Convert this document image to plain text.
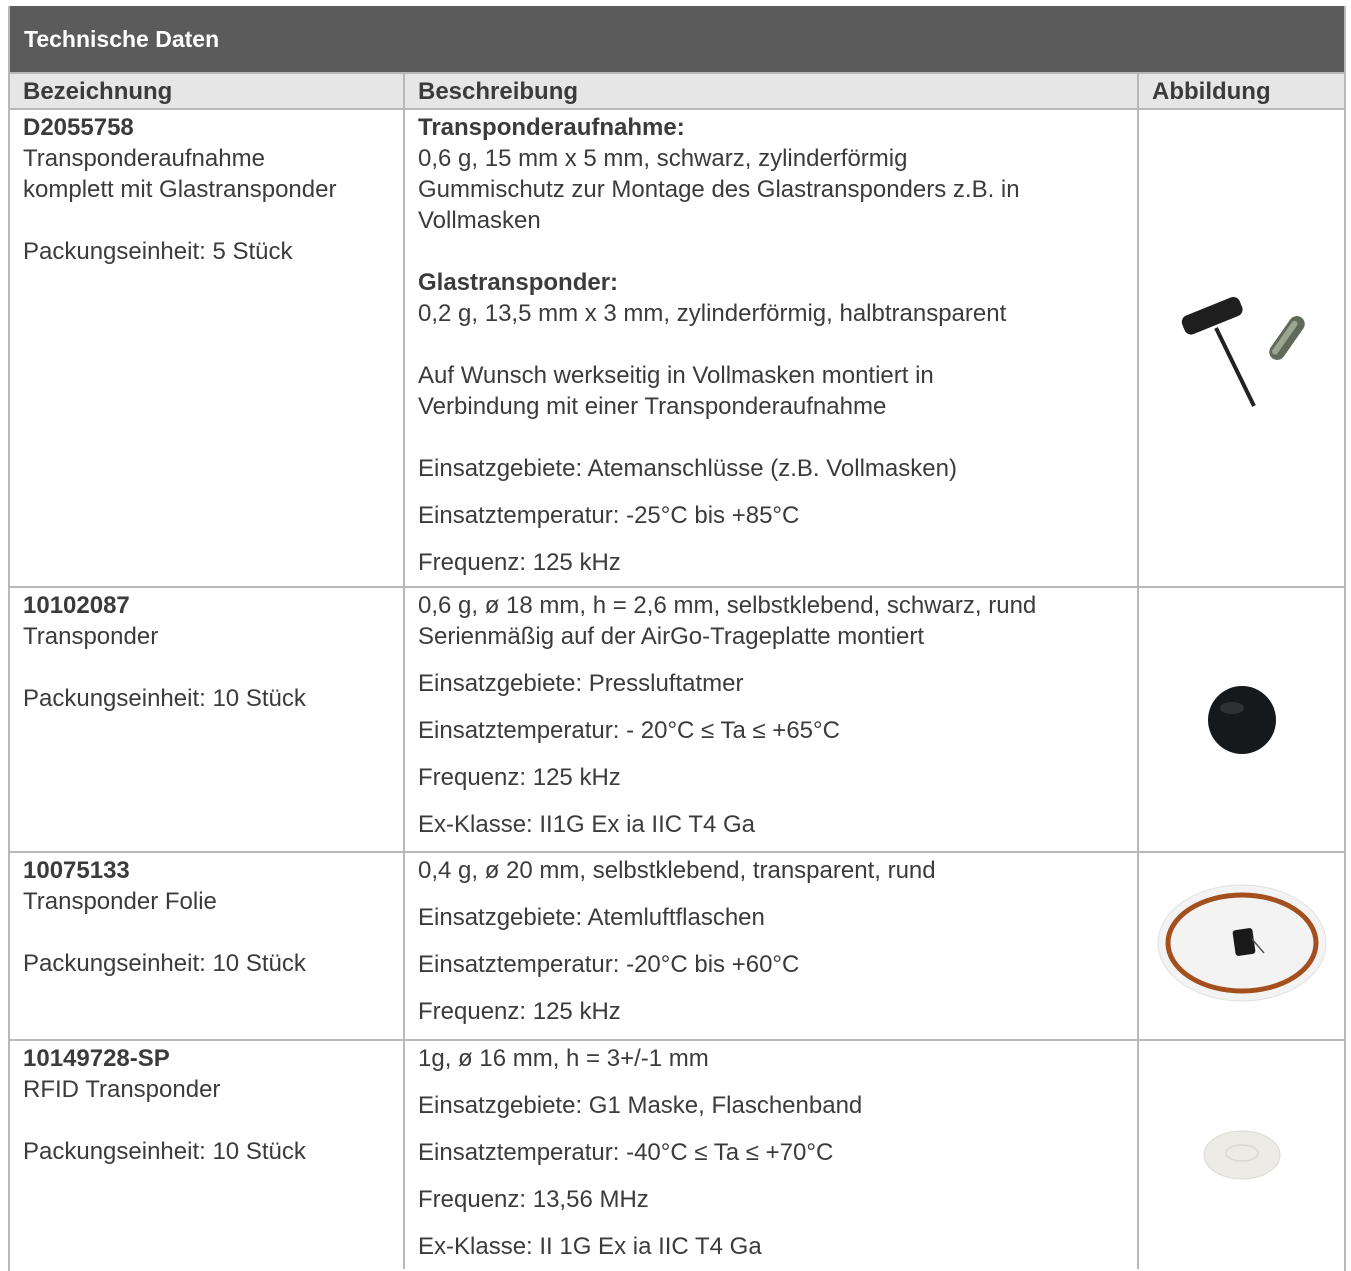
Technische Daten
Bezeichnung	Beschreibung	Abbildung
D2055758
Transponderaufnahme
komplett mit Glastransponder
Packungseinheit: 5 Stück
Transponderaufnahme:
0,6 g, 15 mm x 5 mm, schwarz, zylinderförmig
Gummischutz zur Montage des Glastransponders z.B. in
Vollmasken
Glastransponder:
0,2 g, 13,5 mm x 3 mm, zylinderförmig, halbtransparent
Auf Wunsch werkseitig in Vollmasken montiert in
Verbindung mit einer Transponderaufnahme
Einsatzgebiete: Atemanschlüsse (z.B. Vollmasken)
Einsatztemperatur: -25°C bis +85°C
Frequenz: 125 kHz
10102087
Transponder
Packungseinheit: 10 Stück
0,6 g, ø 18 mm, h = 2,6 mm, selbstklebend, schwarz, rund
Serienmäßig auf der AirGo-Trageplatte montiert
Einsatzgebiete: Pressluftatmer
Einsatztemperatur: - 20°C ≤ Ta ≤ +65°C
Frequenz: 125 kHz
Ex-Klasse: II1G Ex ia IIC T4 Ga
10075133
Transponder Folie
Packungseinheit: 10 Stück
0,4 g, ø 20 mm, selbstklebend, transparent, rund
Einsatzgebiete: Atemluftflaschen
Einsatztemperatur: -20°C bis +60°C
Frequenz: 125 kHz
10149728-SP
RFID Transponder
Packungseinheit: 10 Stück
1g, ø 16 mm, h = 3+/-1 mm
Einsatzgebiete: G1 Maske, Flaschenband
Einsatztemperatur: -40°C ≤ Ta ≤ +70°C
Frequenz: 13,56 MHz
Ex-Klasse: II 1G Ex ia IIC T4 Ga
